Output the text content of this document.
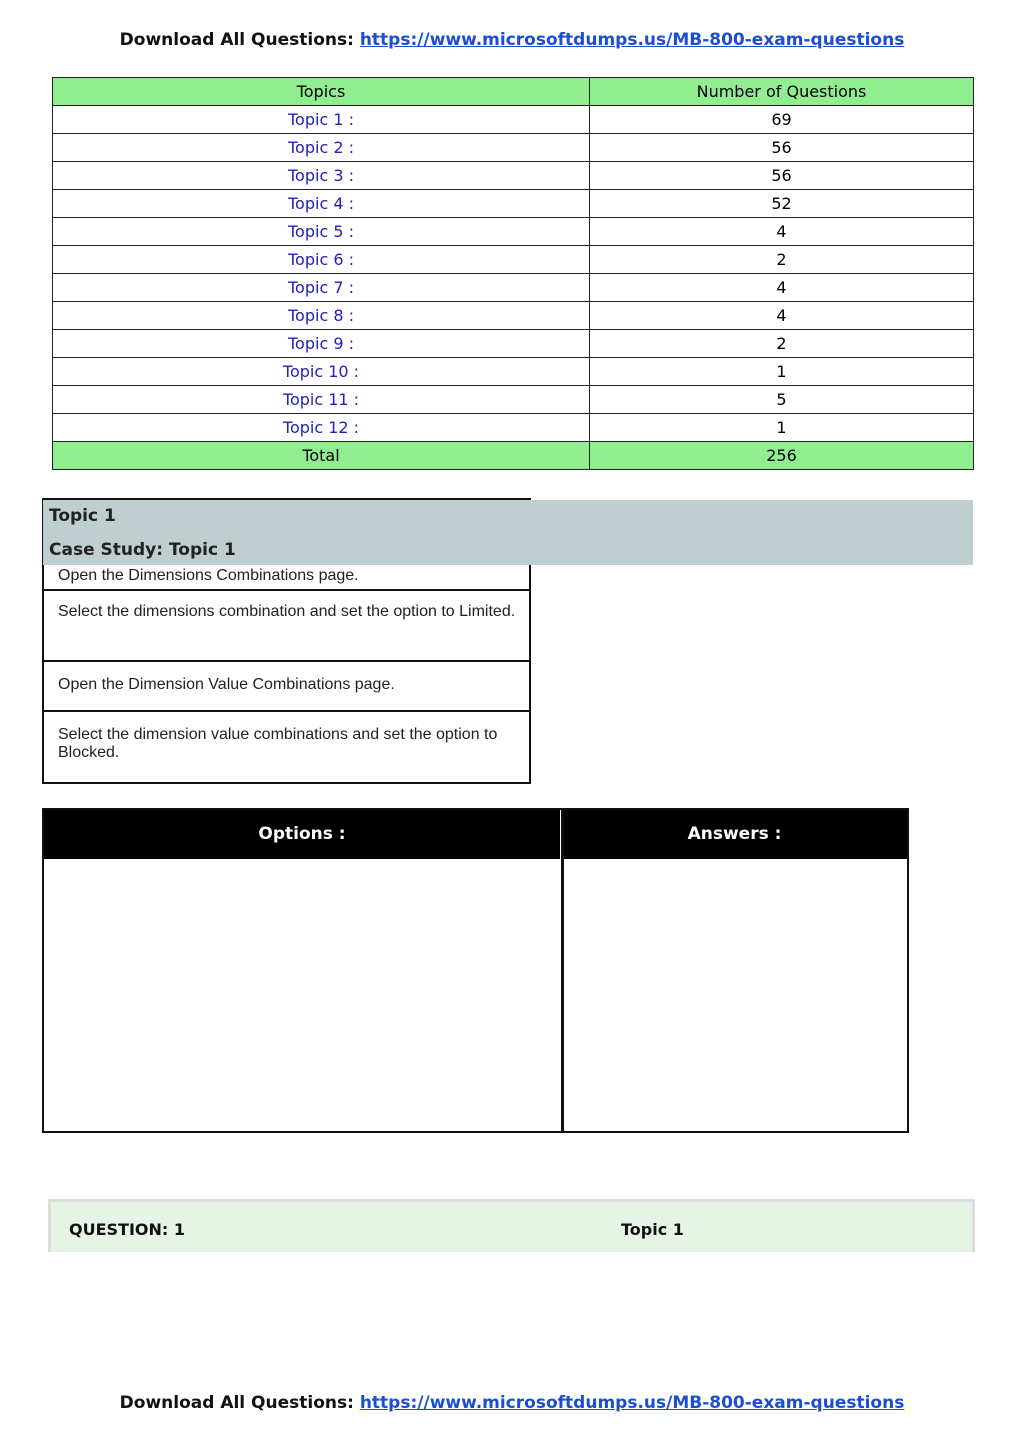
Download All Questions: https://www.microsoftdumps.us/MB-800-exam-questions
Topics	Number of Questions
Topic 1 :	69
Topic 2 :	56
Topic 3 :	56
Topic 4 :	52
Topic 5 :	4
Topic 6 :	2
Topic 7 :	4
Topic 8 :	4
Topic 9 :	2
Topic 10 :	1
Topic 11 :	5
Topic 12 :	1
Total	256
Open the Dimensions Combinations page.
Select the dimensions combination and set the option to Limited.
Open the Dimension Value Combinations page.
Select the dimension value combinations and set the option to Blocked.
Topic 1
Case Study: Topic 1
Options :	Answers :
QUESTION: 1	Topic 1
Download All Questions: https://www.microsoftdumps.us/MB-800-exam-questions
